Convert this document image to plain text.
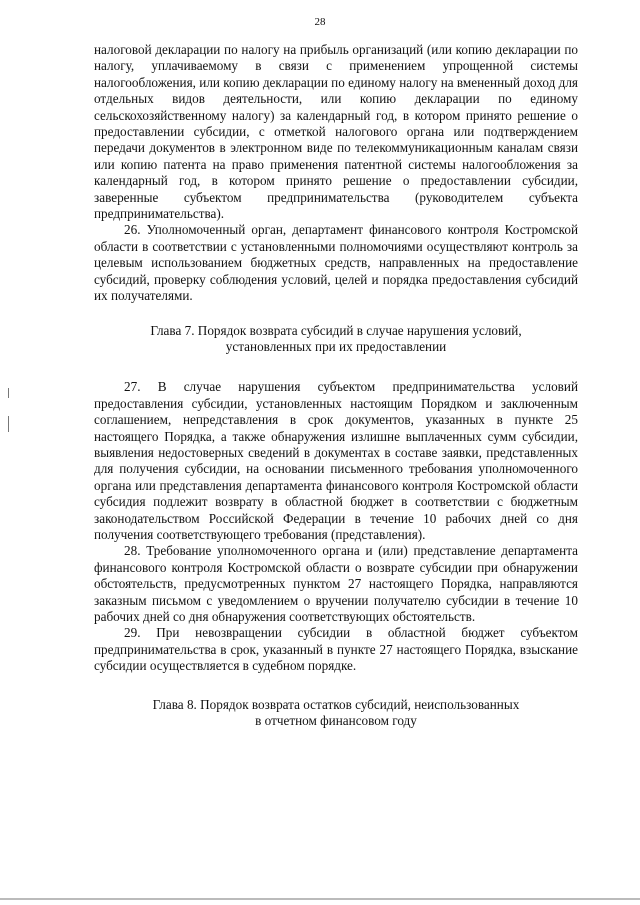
28

налоговой декларации по налогу на прибыль организаций (или копию декларации по налогу, уплачиваемому в связи с применением упрощенной системы налогообложения, или копию декларации по единому налогу на вмененный доход для отдельных видов деятельности, или копию декларации по единому сельскохозяйственному налогу) за календарный год, в котором принято решение о предоставлении субсидии, с отметкой налогового органа или подтверждением передачи документов в электронном виде по телекоммуникационным каналам связи или копию патента на право применения патентной системы налогообложения за календарный год, в котором принято решение о предоставлении субсидии, заверенные субъектом предпринимательства (руководителем субъекта предпринимательства).

26. Уполномоченный орган, департамент финансового контроля Костромской области в соответствии с установленными полномочиями осуществляют контроль за целевым использованием бюджетных средств, направленных на предоставление субсидий, проверку соблюдения условий, целей и порядка предоставления субсидий их получателями.

Глава 7. Порядок возврата субсидий в случае нарушения условий,
установленных при их предоставлении

27. В случае нарушения субъектом предпринимательства условий предоставления субсидии, установленных настоящим Порядком и заключенным соглашением, непредставления в срок документов, указанных в пункте 25 настоящего Порядка, а также обнаружения излишне выплаченных сумм субсидии, выявления недостоверных сведений в документах в составе заявки, представленных для получения субсидии, на основании письменного требования уполномоченного органа или представления департамента финансового контроля Костромской области субсидия подлежит возврату в областной бюджет в соответствии с бюджетным законодательством Российской Федерации в течение 10 рабочих дней со дня получения соответствующего требования (представления).

28. Требование уполномоченного органа и (или) представление департамента финансового контроля Костромской области о возврате субсидии при обнаружении обстоятельств, предусмотренных пунктом 27 настоящего Порядка, направляются заказным письмом с уведомлением о вручении получателю субсидии в течение 10 рабочих дней со дня обнаружения соответствующих обстоятельств.

29. При невозвращении субсидии в областной бюджет субъектом предпринимательства в срок, указанный в пункте 27 настоящего Порядка, взыскание субсидии осуществляется в судебном порядке.

Глава 8. Порядок возврата остатков субсидий, неиспользованных
в отчетном финансовом году
